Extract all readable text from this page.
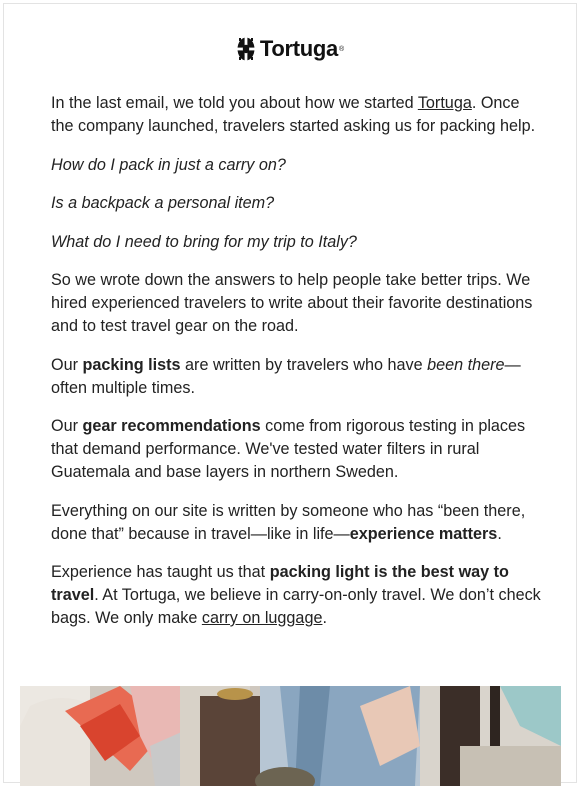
Tortuga ®

In the last email, we told you about how we started Tortuga. Once the company launched, travelers started asking us for packing help.

How do I pack in just a carry on?

Is a backpack a personal item?

What do I need to bring for my trip to Italy?

So we wrote down the answers to help people take better trips. We hired experienced travelers to write about their favorite destinations and to test travel gear on the road.

Our packing lists are written by travelers who have been there—often multiple times.

Our gear recommendations come from rigorous testing in places that demand performance. We've tested water filters in rural Guatemala and base layers in northern Sweden.

Everything on our site is written by someone who has “been there, done that” because in travel—like in life—experience matters.

Experience has taught us that packing light is the best way to travel. At Tortuga, we believe in carry-on-only travel. We don’t check bags. We only make carry on luggage.
